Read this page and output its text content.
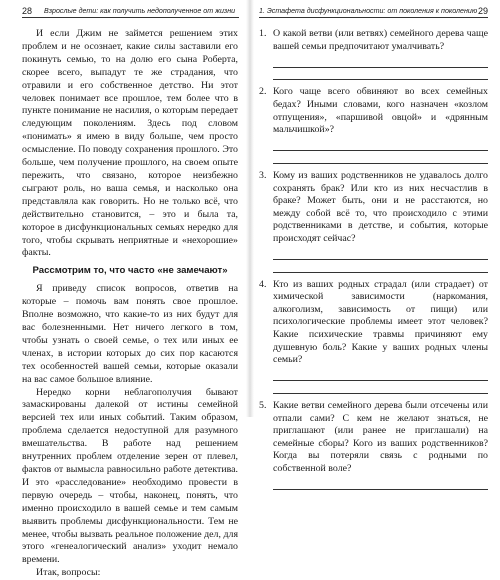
28 Взрослые дети: как получить недополученное от жизни

И если Джим не займется решением этих проблем и не осознает, какие силы заставили его покинуть семью, то на долю его сына Роберта, скорее всего, выпадут те же страдания, что отравили и его собственное детство. Ни этот человек понимает все прошлое, тем более что в пункте понимание не насилия, о которым передает следующим поколениям. Здесь под словом «понимать» я имею в виду больше, чем просто осмысление. По поводу сохранения прошлого. Это больше, чем получение прошлого, на своем опыте пережить, что связано, которое неизбежно сыграют роль, но ваша семья, и насколько она представляла как говорить. Но не только всё, что действительно становится, – это и была та, которое в дисфункциональных семьях нередко для того, чтобы скрывать неприятные и «нехорошие» факты.

Рассмотрим то, что часто «не замечают»

Я приведу список вопросов, ответив на которые – помочь вам понять свое прошлое. Вполне возможно, что какие-то из них будут для вас болезненными. Нет ничего легкого в том, чтобы узнать о своей семье, о тех или иных ее членах, в истории которых до сих пор касаются тех особенностей вашей семьи, которые оказали на вас самое большое влияние.

Нередко корни неблагополучия бывают замаскированы далекой от истины семейной версией тех или иных событий. Таким образом, проблема сделается недоступной для разумного вмешательства. В работе над решением внутренних проблем отделение зерен от плевел, фактов от вымысла равносильно работе детектива. И это «расследование» необходимо провести в первую очередь – чтобы, наконец, понять, что именно происходило в вашей семье и тем самым выявить проблемы дисфункциональности. Тем не менее, чтобы вызвать реальное положение дел, для этого «генеалогический анализ» уходит немало времени.

Итак, вопросы:

1. Эстафета дисфункциональности: от поколения к поколению 29
1. О какой ветви (или ветвях) семейного дерева чаще вашей семьи предпочитают умалчивать?
2. Кого чаще всего обвиняют во всех семейных бедах? Иными словами, кого назначен «козлом отпущения», «паршивой овцой» и «дрянным мальчишкой»?
3. Кому из ваших родственников не удавалось долго сохранять брак? Или кто из них несчастлив в браке? Может быть, они и не расстаются, но между собой всё то, что происходило с этими родственниками в детстве, и события, которые происходят сейчас?
4. Кто из ваших родных страдал (или страдает) от химической зависимости (наркомания, алкоголизм, зависимость от пищи) или психологические проблемы имеет этот человек? Какие психические травмы причиняют ему душевную боль? Какие у ваших родных члены семьи?
5. Какие ветви семейного дерева были отсечены или отпали сами? С кем не желают знаться, не приглашают (или ранее не приглашали) на семейные сборы? Кого из ваших родственников? Когда вы потеряли связь с родными по собственной воле?
